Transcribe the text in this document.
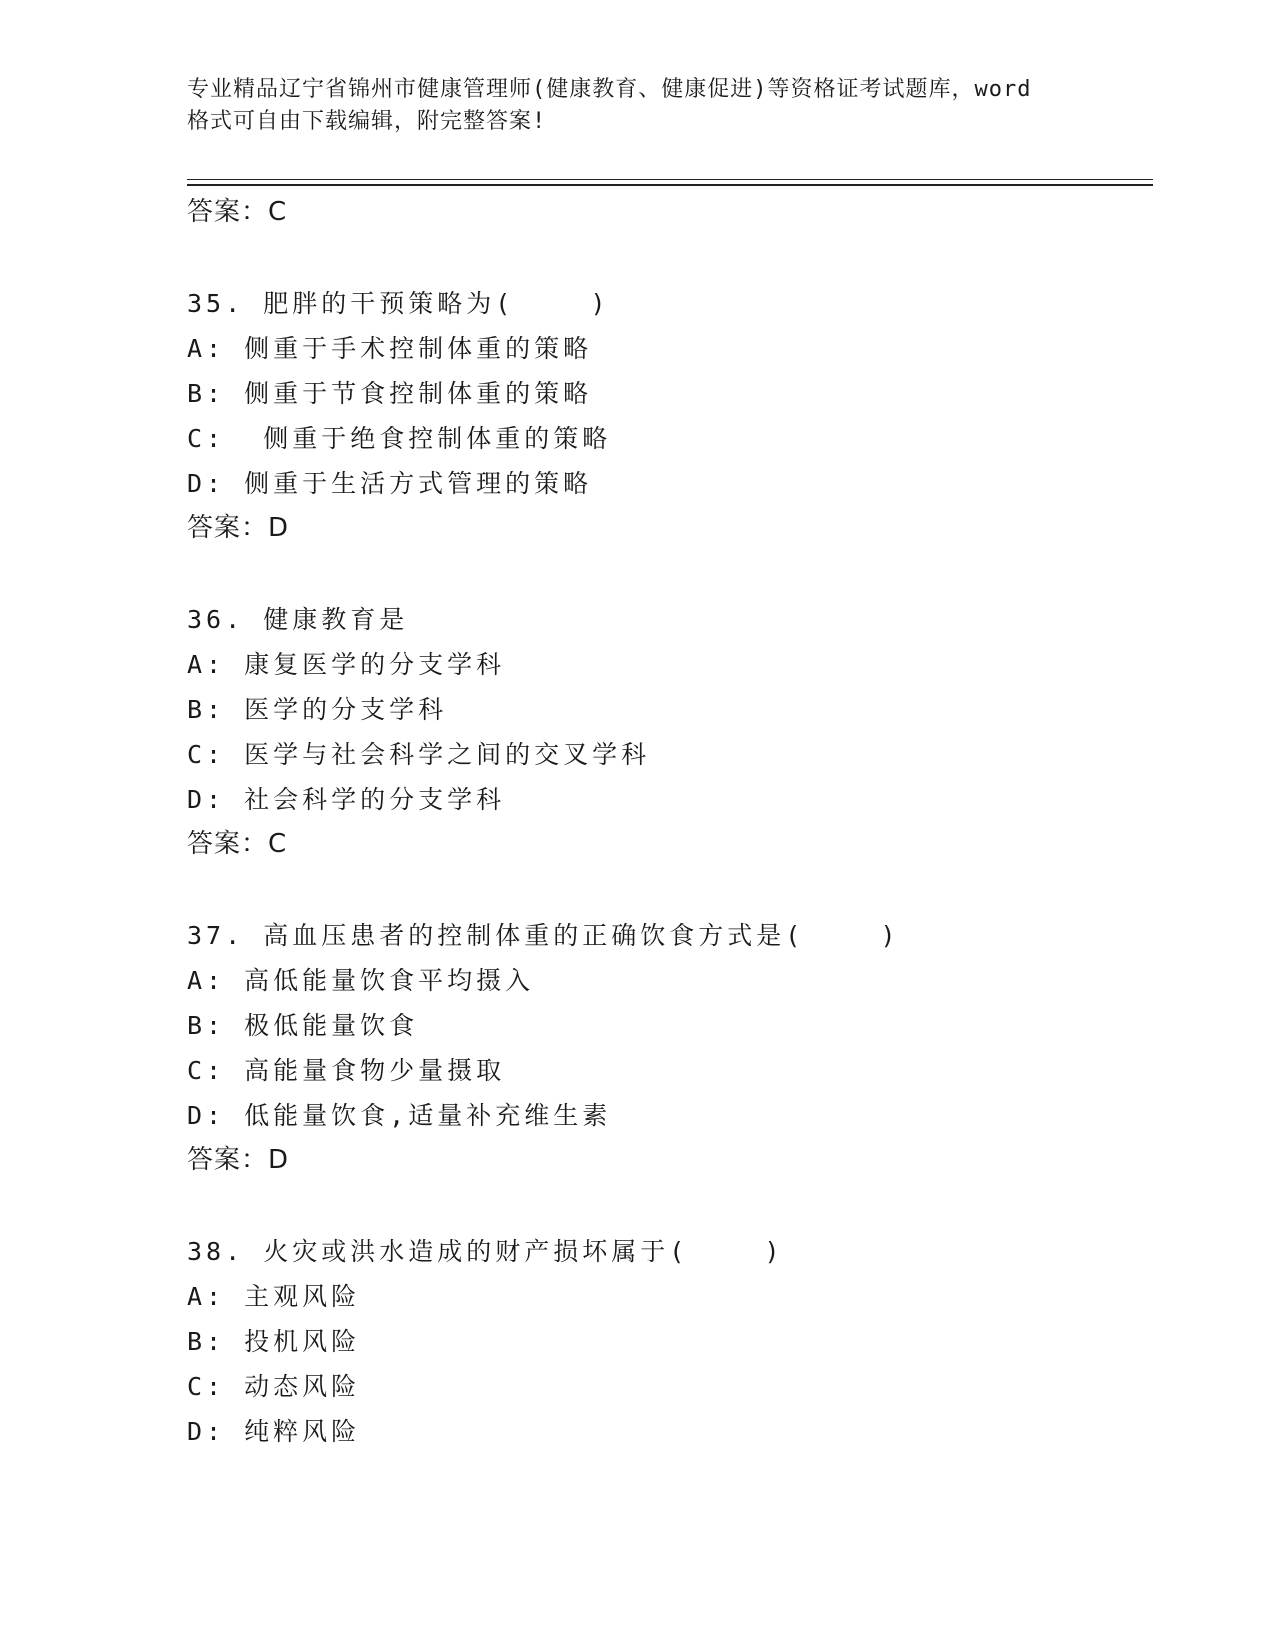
专业精品辽宁省锦州市健康管理师(健康教育、健康促进)等资格证考试题库，word
格式可自由下载编辑，附完整答案!
答案：C
35. 肥胖的干预策略为(    )
A: 侧重于手术控制体重的策略
B: 侧重于节食控制体重的策略
C:  侧重于绝食控制体重的策略
D: 侧重于生活方式管理的策略
答案：D
36. 健康教育是
A: 康复医学的分支学科
B: 医学的分支学科
C: 医学与社会科学之间的交叉学科
D: 社会科学的分支学科
答案：C
37. 高血压患者的控制体重的正确饮食方式是(    )
A: 高低能量饮食平均摄入
B: 极低能量饮食
C: 高能量食物少量摄取
D: 低能量饮食,适量补充维生素
答案：D
38. 火灾或洪水造成的财产损坏属于(    )
A: 主观风险
B: 投机风险
C: 动态风险
D: 纯粹风险
